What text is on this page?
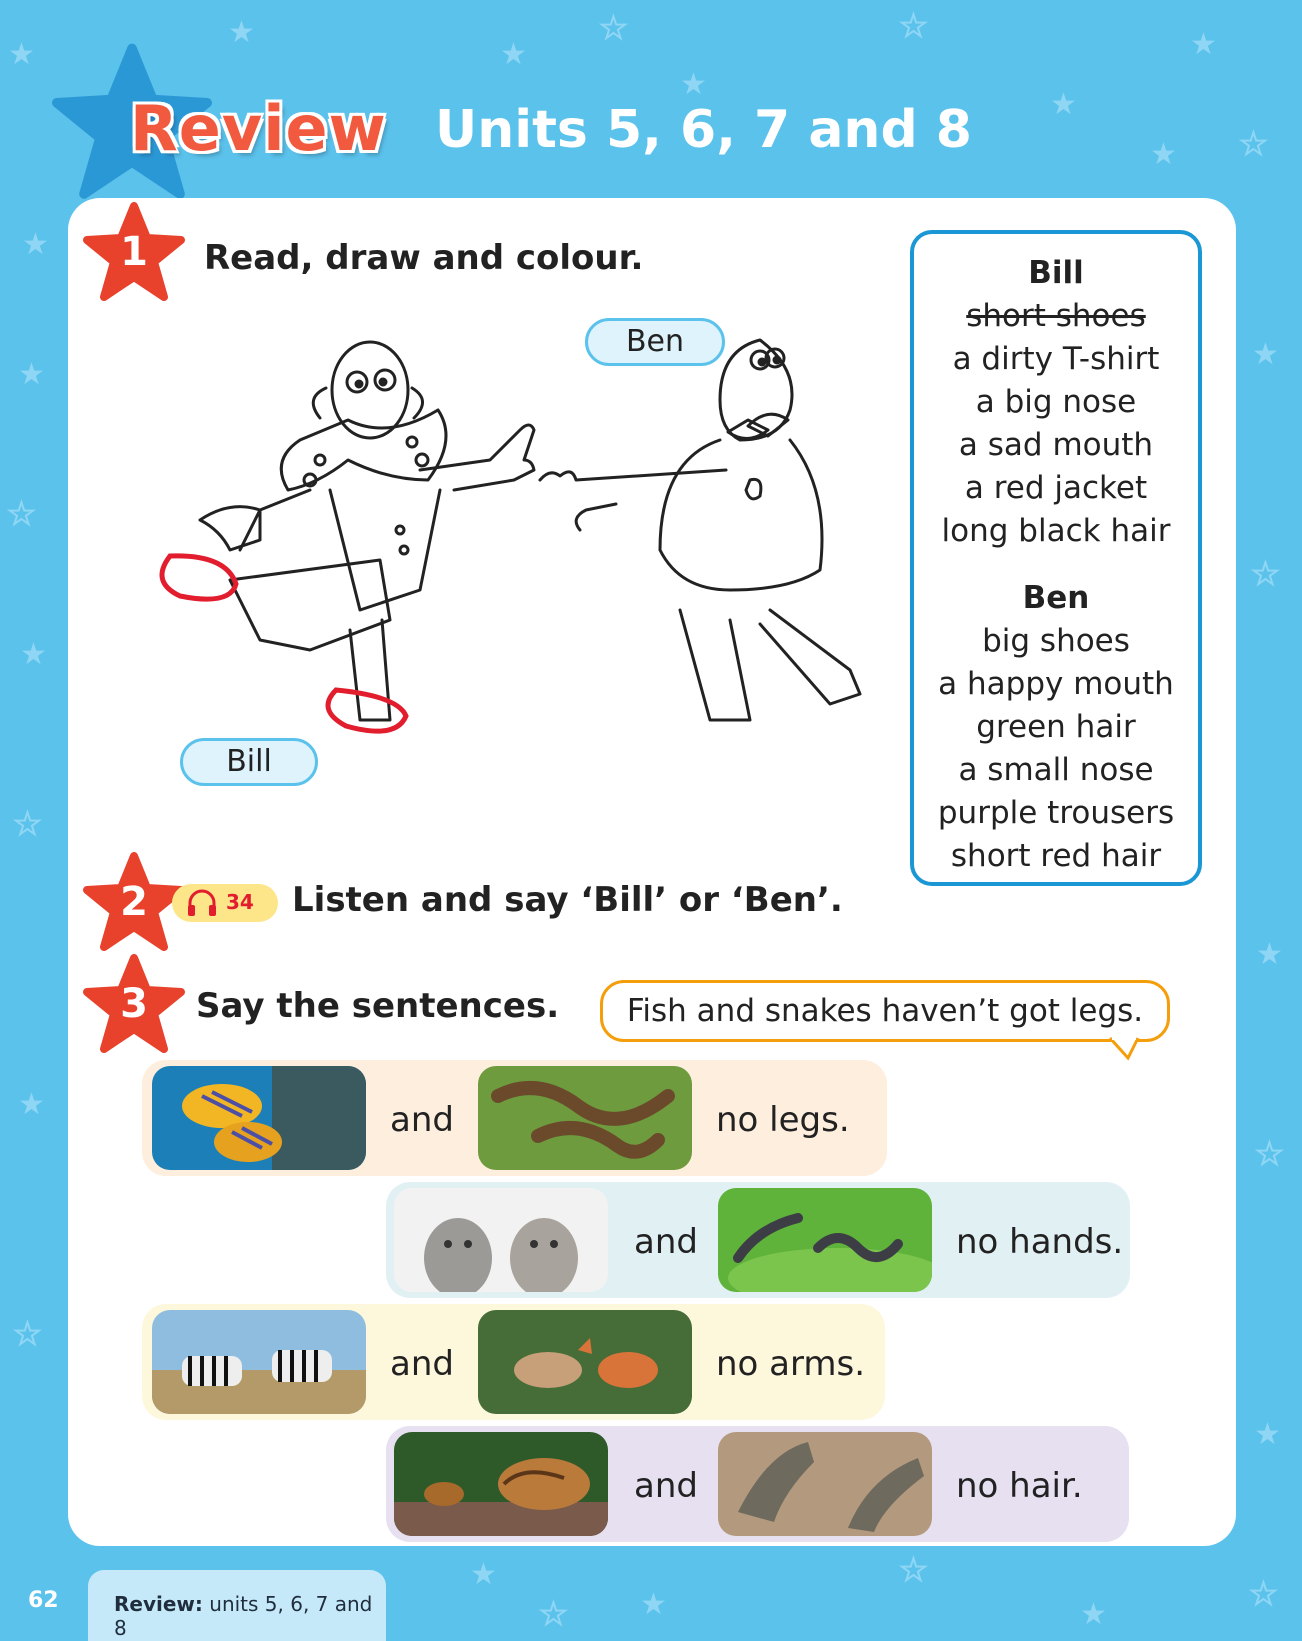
★
★
★
★
★
★
★
★
★
★
★
★
★
★
★
★
★
★
★
★
★
★
★
★ ★
★
★
★
Review Units 5, 6, 7 and 8
1	Read, draw and colour.
Ben
Bill
Bill
short shoes
a dirty T-shirt
a big nose
a sad mouth
a red jacket
long black hair
Ben
big shoes
a happy mouth
green hair
a small nose
purple trousers
short red hair
2	34 Listen and say ‘Bill’ or ‘Ben’.
3	Say the sentences.	Fish and snakes haven’t got legs.
and	no legs.
and	no hands.
and	no arms.
and	no hair.
62	Review: units 5, 6, 7 and 8
